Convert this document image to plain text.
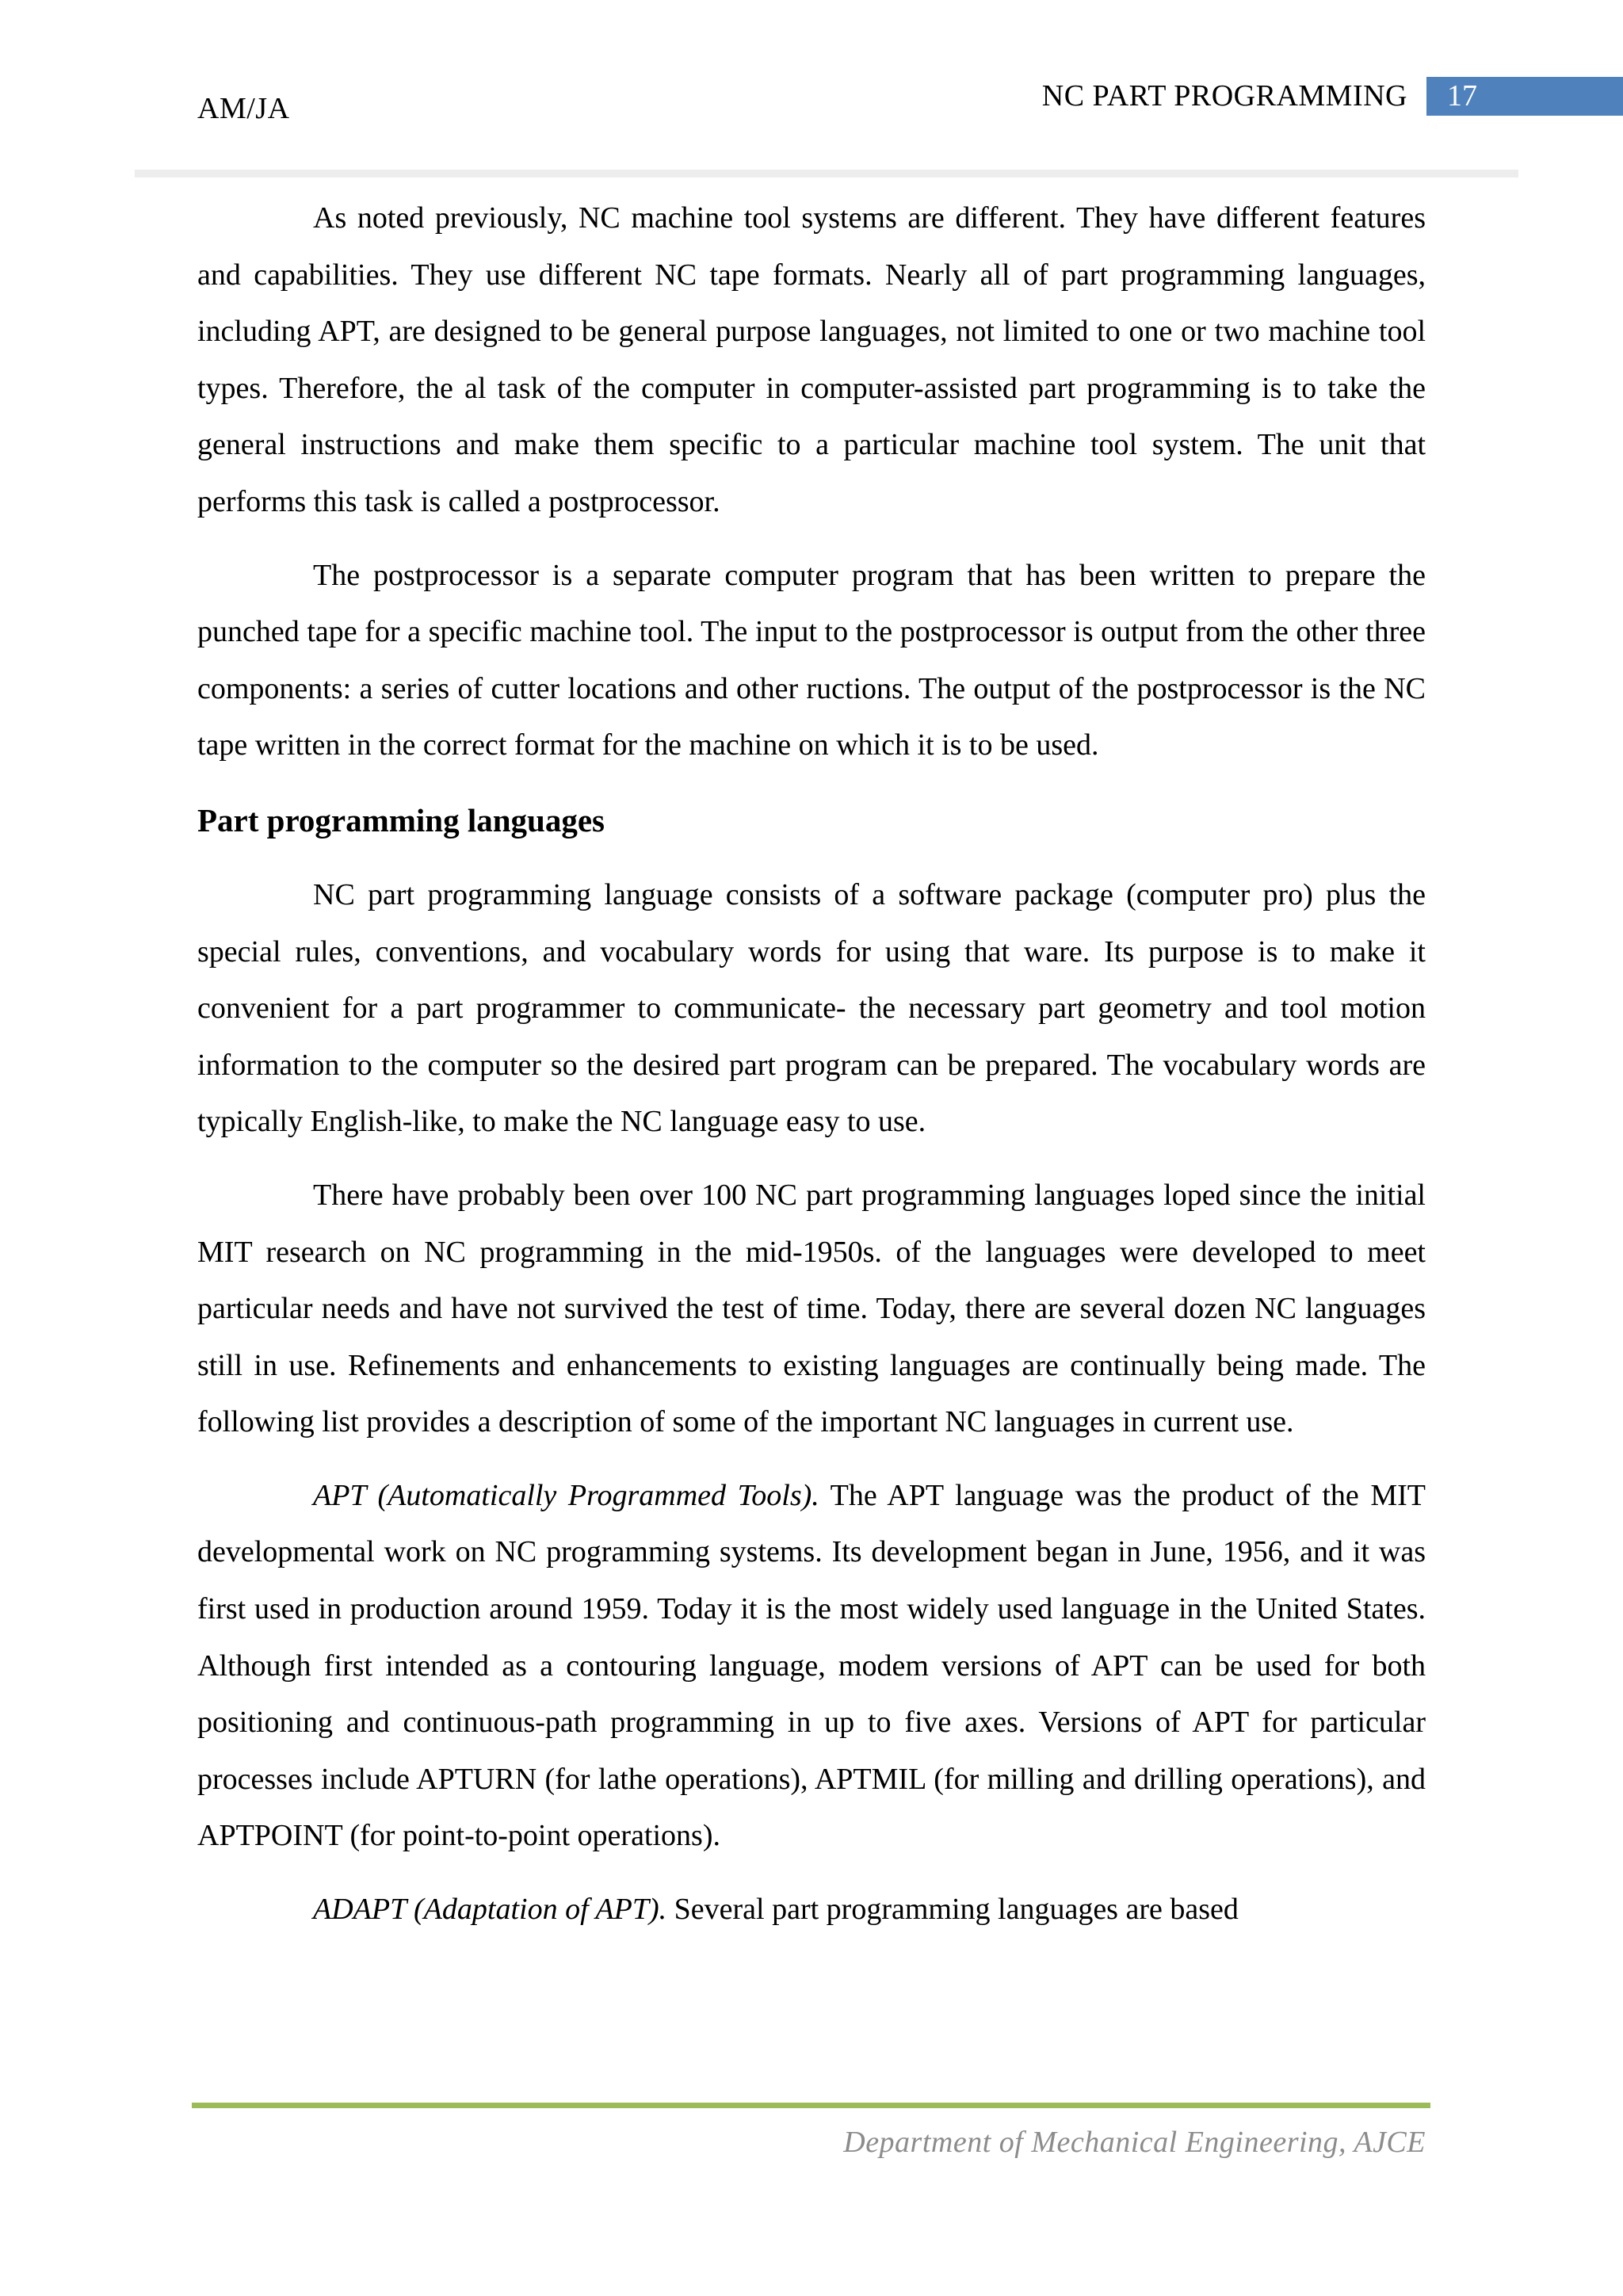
AM/JA	NC PART PROGRAMMING	17

As noted previously, NC machine tool systems are different. They have different features and capabilities. They use different NC tape formats. Nearly all of part programming languages, including APT, are designed to be general purpose languages, not limited to one or two machine tool types. Therefore, the al task of the computer in computer-assisted part programming is to take the general instructions and make them specific to a particular machine tool system. The unit that performs this task is called a postprocessor.

The postprocessor is a separate computer program that has been written to prepare the punched tape for a specific machine tool. The input to the postprocessor is output from the other three components: a series of cutter locations and other ructions. The output of the postprocessor is the NC tape written in the correct format for the machine on which it is to be used.

Part programming languages

NC part programming language consists of a software package (computer pro) plus the special rules, conventions, and vocabulary words for using that ware. Its purpose is to make it convenient for a part programmer to communicate- the necessary part geometry and tool motion information to the computer so the desired part program can be prepared. The vocabulary words are typically English-like, to make the NC language easy to use.

There have probably been over 100 NC part programming languages loped since the initial MIT research on NC programming in the mid-1950s. of the languages were developed to meet particular needs and have not survived the test of time. Today, there are several dozen NC languages still in use. Refinements and enhancements to existing languages are continually being made. The following list provides a description of some of the important NC languages in current use.

APT (Automatically Programmed Tools). The APT language was the product of the MIT developmental work on NC programming systems. Its development began in June, 1956, and it was first used in production around 1959. Today it is the most widely used language in the United States. Although first intended as a contouring language, modem versions of APT can be used for both positioning and continuous-path programming in up to five axes. Versions of APT for particular processes include APTURN (for lathe operations), APTMIL (for milling and drilling operations), and APTPOINT (for point-to-point operations).

ADAPT (Adaptation of APT). Several part programming languages are based

Department of Mechanical Engineering, AJCE
